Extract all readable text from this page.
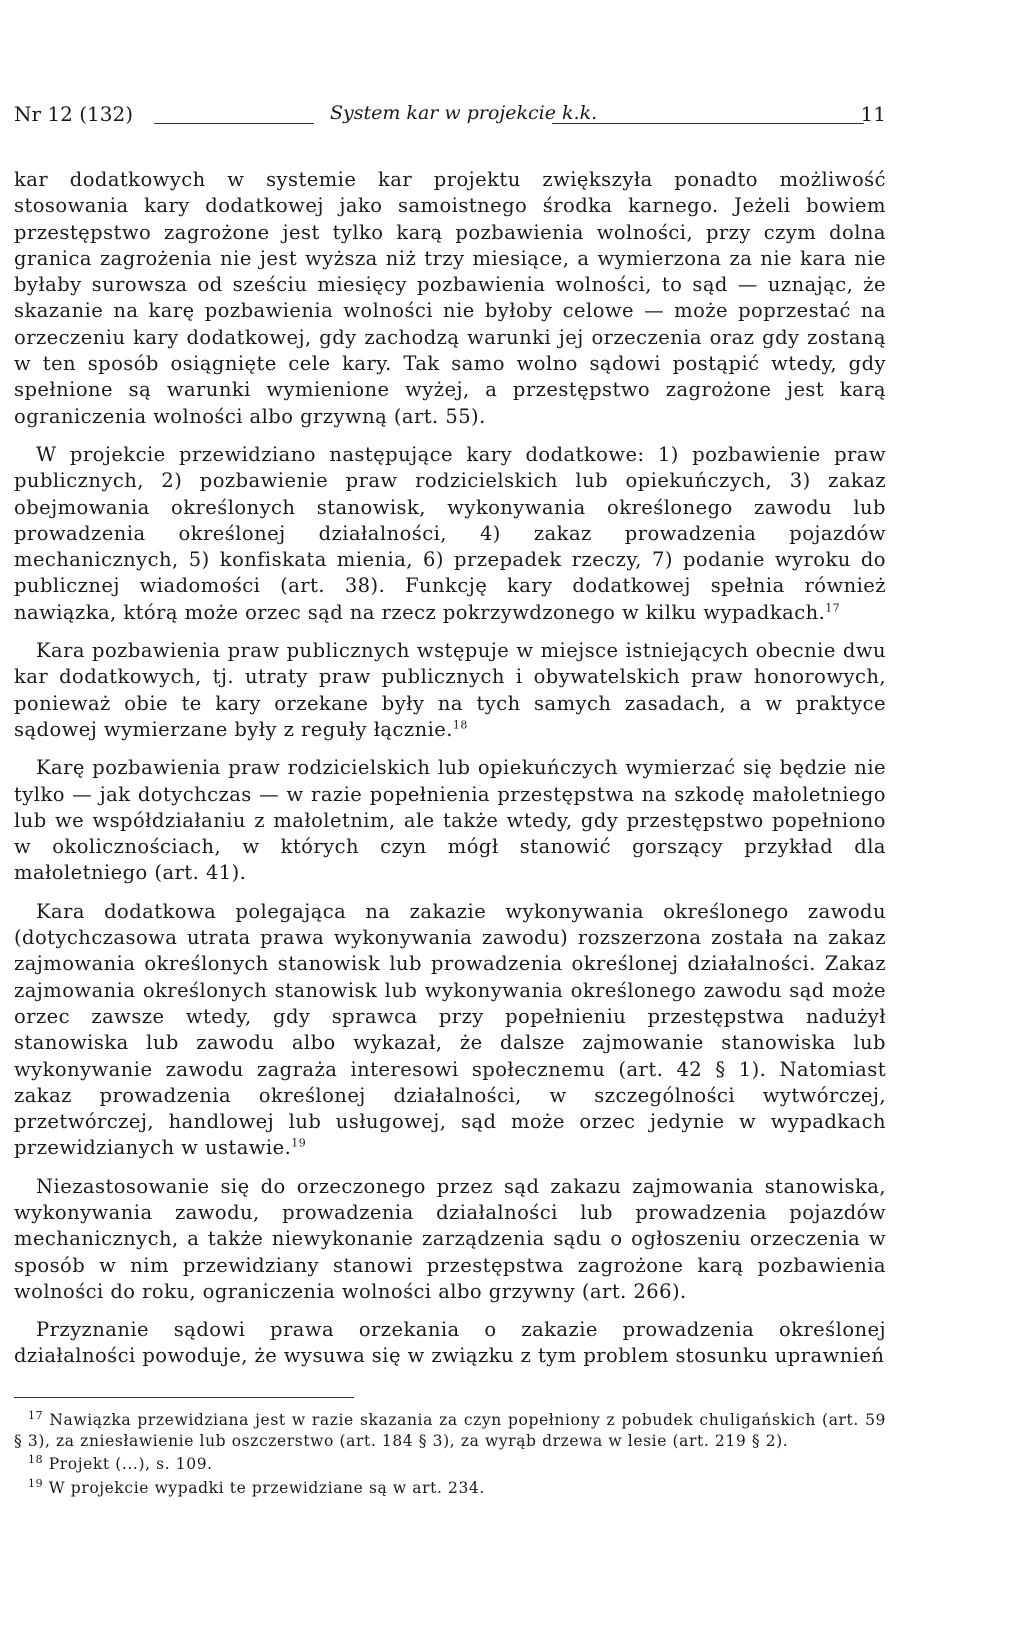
Nr 12 (132)	System kar w projekcie k.k.	11

kar dodatkowych w systemie kar projektu zwiększyła ponadto możliwość stosowania kary dodatkowej jako samoistnego środka karnego. Jeżeli bowiem przestępstwo zagrożone jest tylko karą pozbawienia wolności, przy czym dolna granica zagrożenia nie jest wyższa niż trzy miesiące, a wymierzona za nie kara nie byłaby surowsza od sześciu miesięcy pozbawienia wolności, to sąd — uznając, że skazanie na karę pozbawienia wolności nie byłoby celowe — może poprzestać na orzeczeniu kary dodatkowej, gdy zachodzą warunki jej orzeczenia oraz gdy zostaną w ten sposób osiągnięte cele kary. Tak samo wolno sądowi postąpić wtedy, gdy spełnione są warunki wymienione wyżej, a przestępstwo zagrożone jest karą ograniczenia wolności albo grzywną (art. 55).

W projekcie przewidziano następujące kary dodatkowe: 1) pozbawienie praw publicznych, 2) pozbawienie praw rodzicielskich lub opiekuńczych, 3) zakaz obejmowania określonych stanowisk, wykonywania określonego zawodu lub prowadzenia określonej działalności, 4) zakaz prowadzenia pojazdów mechanicznych, 5) konfiskata mienia, 6) przepadek rzeczy, 7) podanie wyroku do publicznej wiadomości (art. 38). Funkcję kary dodatkowej spełnia również nawiązka, którą może orzec sąd na rzecz pokrzywdzonego w kilku wypadkach.$^{17}$

Kara pozbawienia praw publicznych wstępuje w miejsce istniejących obecnie dwu kar dodatkowych, tj. utraty praw publicznych i obywatelskich praw honorowych, ponieważ obie te kary orzekane były na tych samych zasadach, a w praktyce sądowej wymierzane były z reguły łącznie.$^{18}$

Karę pozbawienia praw rodzicielskich lub opiekuńczych wymierzać się będzie nie tylko — jak dotychczas — w razie popełnienia przestępstwa na szkodę małoletniego lub we współdziałaniu z małoletnim, ale także wtedy, gdy przestępstwo popełniono w okolicznościach, w których czyn mógł stanowić gorszący przykład dla małoletniego (art. 41).

Kara dodatkowa polegająca na zakazie wykonywania określonego zawodu (dotychczasowa utrata prawa wykonywania zawodu) rozszerzona została na zakaz zajmowania określonych stanowisk lub prowadzenia określonej działalności. Zakaz zajmowania określonych stanowisk lub wykonywania określonego zawodu sąd może orzec zawsze wtedy, gdy sprawca przy popełnieniu przestępstwa nadużył stanowiska lub zawodu albo wykazał, że dalsze zajmowanie stanowiska lub wykonywanie zawodu zagraża interesowi społecznemu (art. 42 § 1). Natomiast zakaz prowadzenia określonej działalności, w szczególności wytwórczej, przetwórczej, handlowej lub usługowej, sąd może orzec jedynie w wypadkach przewidzianych w ustawie.$^{19}$

Niezastosowanie się do orzeczonego przez sąd zakazu zajmowania stanowiska, wykonywania zawodu, prowadzenia działalności lub prowadzenia pojazdów mechanicznych, a także niewykonanie zarządzenia sądu o ogłoszeniu orzeczenia w sposób w nim przewidziany stanowi przestępstwa zagrożone karą pozbawienia wolności do roku, ograniczenia wolności albo grzywny (art. 266).

Przyznanie sądowi prawa orzekania o zakazie prowadzenia określonej działalności powoduje, że wysuwa się w związku z tym problem stosunku uprawnień

$^{17}$ Nawiązka przewidziana jest w razie skazania za czyn popełniony z pobudek chuligańskich (art. 59 § 3), za zniesławienie lub oszczerstwo (art. 184 § 3), za wyrąb drzewa w lesie (art. 219 § 2).

$^{18}$ Projekt (...), s. 109.

$^{19}$ W projekcie wypadki te przewidziane są w art. 234.
